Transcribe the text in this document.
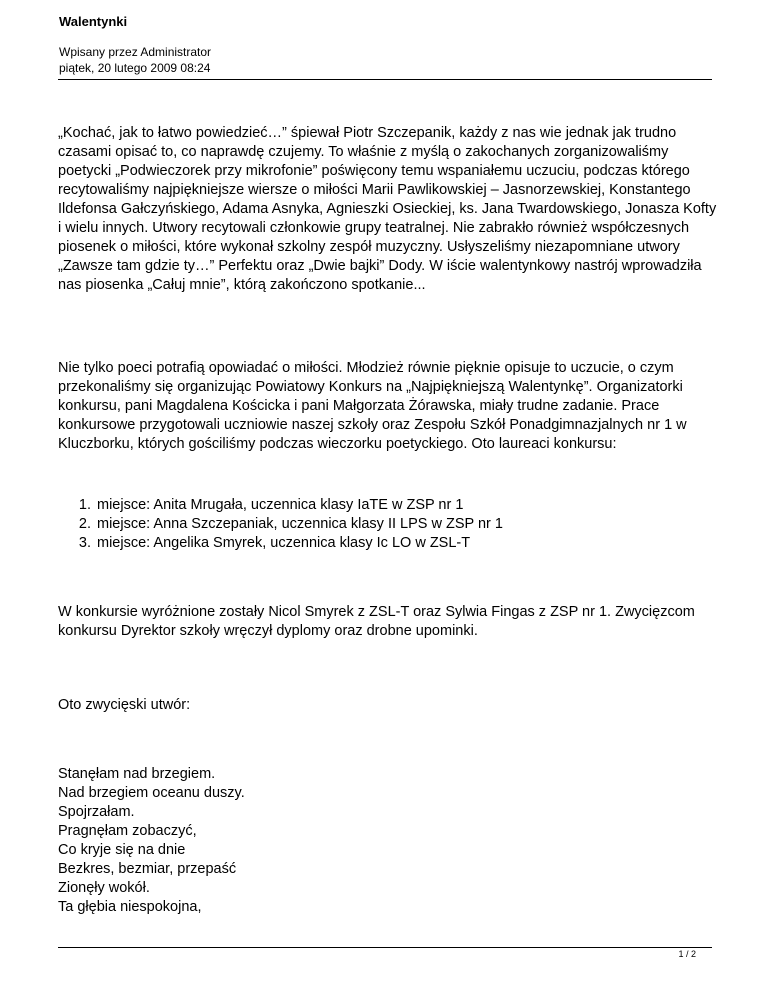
Walentynki
Wpisany przez Administrator
piątek, 20 lutego 2009 08:24

„Kochać, jak to łatwo powiedzieć…” śpiewał Piotr Szczepanik, każdy z nas wie jednak jak trudno czasami opisać to, co naprawdę czujemy. To właśnie z myślą o zakochanych zorganizowaliśmy poetycki „Podwieczorek przy mikrofonie” poświęcony temu wspaniałemu uczuciu, podczas którego recytowaliśmy najpiękniejsze wiersze o miłości Marii Pawlikowskiej – Jasnorzewskiej, Konstantego Ildefonsa Gałczyńskiego, Adama Asnyka, Agnieszki Osieckiej, ks. Jana Twardowskiego, Jonasza Kofty i wielu innych. Utwory recytowali członkowie grupy teatralnej. Nie zabrakło również współczesnych piosenek o miłości, które wykonał szkolny zespół muzyczny. Usłyszeliśmy niezapomniane utwory „Zawsze tam gdzie ty…” Perfektu oraz „Dwie bajki” Dody. W iście walentynkowy nastrój wprowadziła nas piosenka „Całuj mnie”, którą zakończono spotkanie...

Nie tylko poeci potrafią opowiadać o miłości. Młodzież równie pięknie opisuje to uczucie, o czym przekonaliśmy się organizując Powiatowy Konkurs na „Najpiękniejszą Walentynkę”. Organizatorki konkursu, pani Magdalena Kościcka i pani Małgorzata Żórawska, miały trudne zadanie. Prace konkursowe przygotowali uczniowie naszej szkoły oraz Zespołu Szkół Ponadgimnazjalnych nr 1 w Kluczborku, których gościliśmy podczas wieczorku poetyckiego. Oto laureaci konkursu:

1. miejsce: Anita Mrugała, uczennica klasy IaTE w ZSP nr 1
2. miejsce: Anna Szczepaniak, uczennica klasy II LPS w ZSP nr 1
3. miejsce: Angelika Smyrek, uczennica klasy Ic LO w ZSL-T

W konkursie wyróżnione zostały Nicol Smyrek z ZSL-T oraz Sylwia Fingas z ZSP nr 1. Zwycięzcom konkursu Dyrektor szkoły wręczył dyplomy oraz drobne upominki.

Oto zwycięski utwór:

Stanęłam nad brzegiem.
Nad brzegiem oceanu duszy.
Spojrzałam.
Pragnęłam zobaczyć,
Co kryje się na dnie
Bezkres, bezmiar, przepaść
Zionęły wokół.
Ta głębia niespokojna,
1 / 2
